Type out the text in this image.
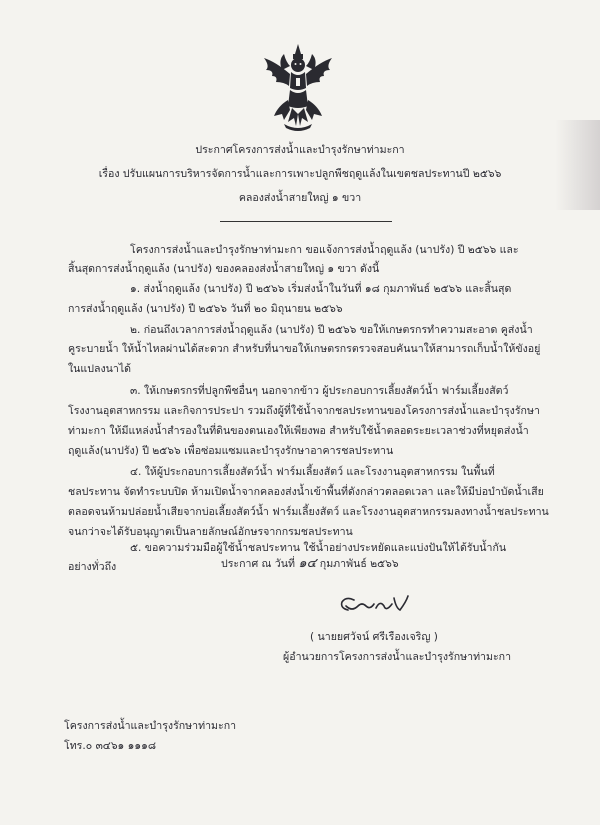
ประกาศโครงการส่งน้ำและบำรุงรักษาท่ามะกา
เรื่อง ปรับแผนการบริหารจัดการน้ำและการเพาะปลูกพืชฤดูแล้งในเขตชลประทานปี ๒๕๖๖
คลองส่งน้ำสายใหญ่ ๑ ขวา
โครงการส่งน้ำและบำรุงรักษาท่ามะกา ขอแจ้งการส่งน้ำฤดูแล้ง (นาปรัง) ปี ๒๕๖๖ และ
สิ้นสุดการส่งน้ำฤดูแล้ง (นาปรัง) ของคลองส่งน้ำสายใหญ่ ๑ ขวา ดังนี้
๑. ส่งน้ำฤดูแล้ง (นาปรัง) ปี ๒๕๖๖ เริ่มส่งน้ำในวันที่ ๑๘ กุมภาพันธ์ ๒๕๖๖ และสิ้นสุด
การส่งน้ำฤดูแล้ง (นาปรัง) ปี ๒๕๖๖ วันที่ ๒๐ มิถุนายน ๒๕๖๖
๒. ก่อนถึงเวลาการส่งน้ำฤดูแล้ง (นาปรัง) ปี ๒๕๖๖ ขอให้เกษตรกรทำความสะอาด คูส่งน้ำ
คูระบายน้ำ ให้น้ำไหลผ่านได้สะดวก สำหรับที่นาขอให้เกษตรกรตรวจสอบคันนาให้สามารถเก็บน้ำให้ขังอยู่
ในแปลงนาได้
๓. ให้เกษตรกรที่ปลูกพืชอื่นๆ นอกจากข้าว ผู้ประกอบการเลี้ยงสัตว์น้ำ ฟาร์มเลี้ยงสัตว์
โรงงานอุตสาหกรรม และกิจการประปา รวมถึงผู้ที่ใช้น้ำจากชลประทานของโครงการส่งน้ำและบำรุงรักษา
ท่ามะกา ให้มีแหล่งน้ำสำรองในที่ดินของตนเองให้เพียงพอ สำหรับใช้น้ำตลอดระยะเวลาช่วงที่หยุดส่งน้ำ
ฤดูแล้ง(นาปรัง) ปี ๒๕๖๖ เพื่อซ่อมแซมและบำรุงรักษาอาคารชลประทาน
๔. ให้ผู้ประกอบการเลี้ยงสัตว์น้ำ ฟาร์มเลี้ยงสัตว์ และโรงงานอุตสาหกรรม ในพื้นที่
ชลประทาน จัดทำระบบปิด ห้ามเปิดน้ำจากคลองส่งน้ำเข้าพื้นที่ดังกล่าวตลอดเวลา และให้มีบ่อบำบัดน้ำเสีย
ตลอดจนห้ามปล่อยน้ำเสียจากบ่อเลี้ยงสัตว์น้ำ ฟาร์มเลี้ยงสัตว์ และโรงงานอุตสาหกรรมลงทางน้ำชลประทาน
จนกว่าจะได้รับอนุญาตเป็นลายลักษณ์อักษรจากกรมชลประทาน
๕. ขอความร่วมมือผู้ใช้น้ำชลประทาน ใช้น้ำอย่างประหยัดและแบ่งปันให้ได้รับน้ำกัน
อย่างทั่วถึง	ประกาศ ณ วันที่ ๑๔ กุมภาพันธ์ ๒๕๖๖
( นายยศวัจน์ ศรีเรืองเจริญ )
ผู้อำนวยการโครงการส่งน้ำและบำรุงรักษาท่ามะกา
โครงการส่งน้ำและบำรุงรักษาท่ามะกา
โทร.๐ ๓๔๖๑ ๑๑๑๘
